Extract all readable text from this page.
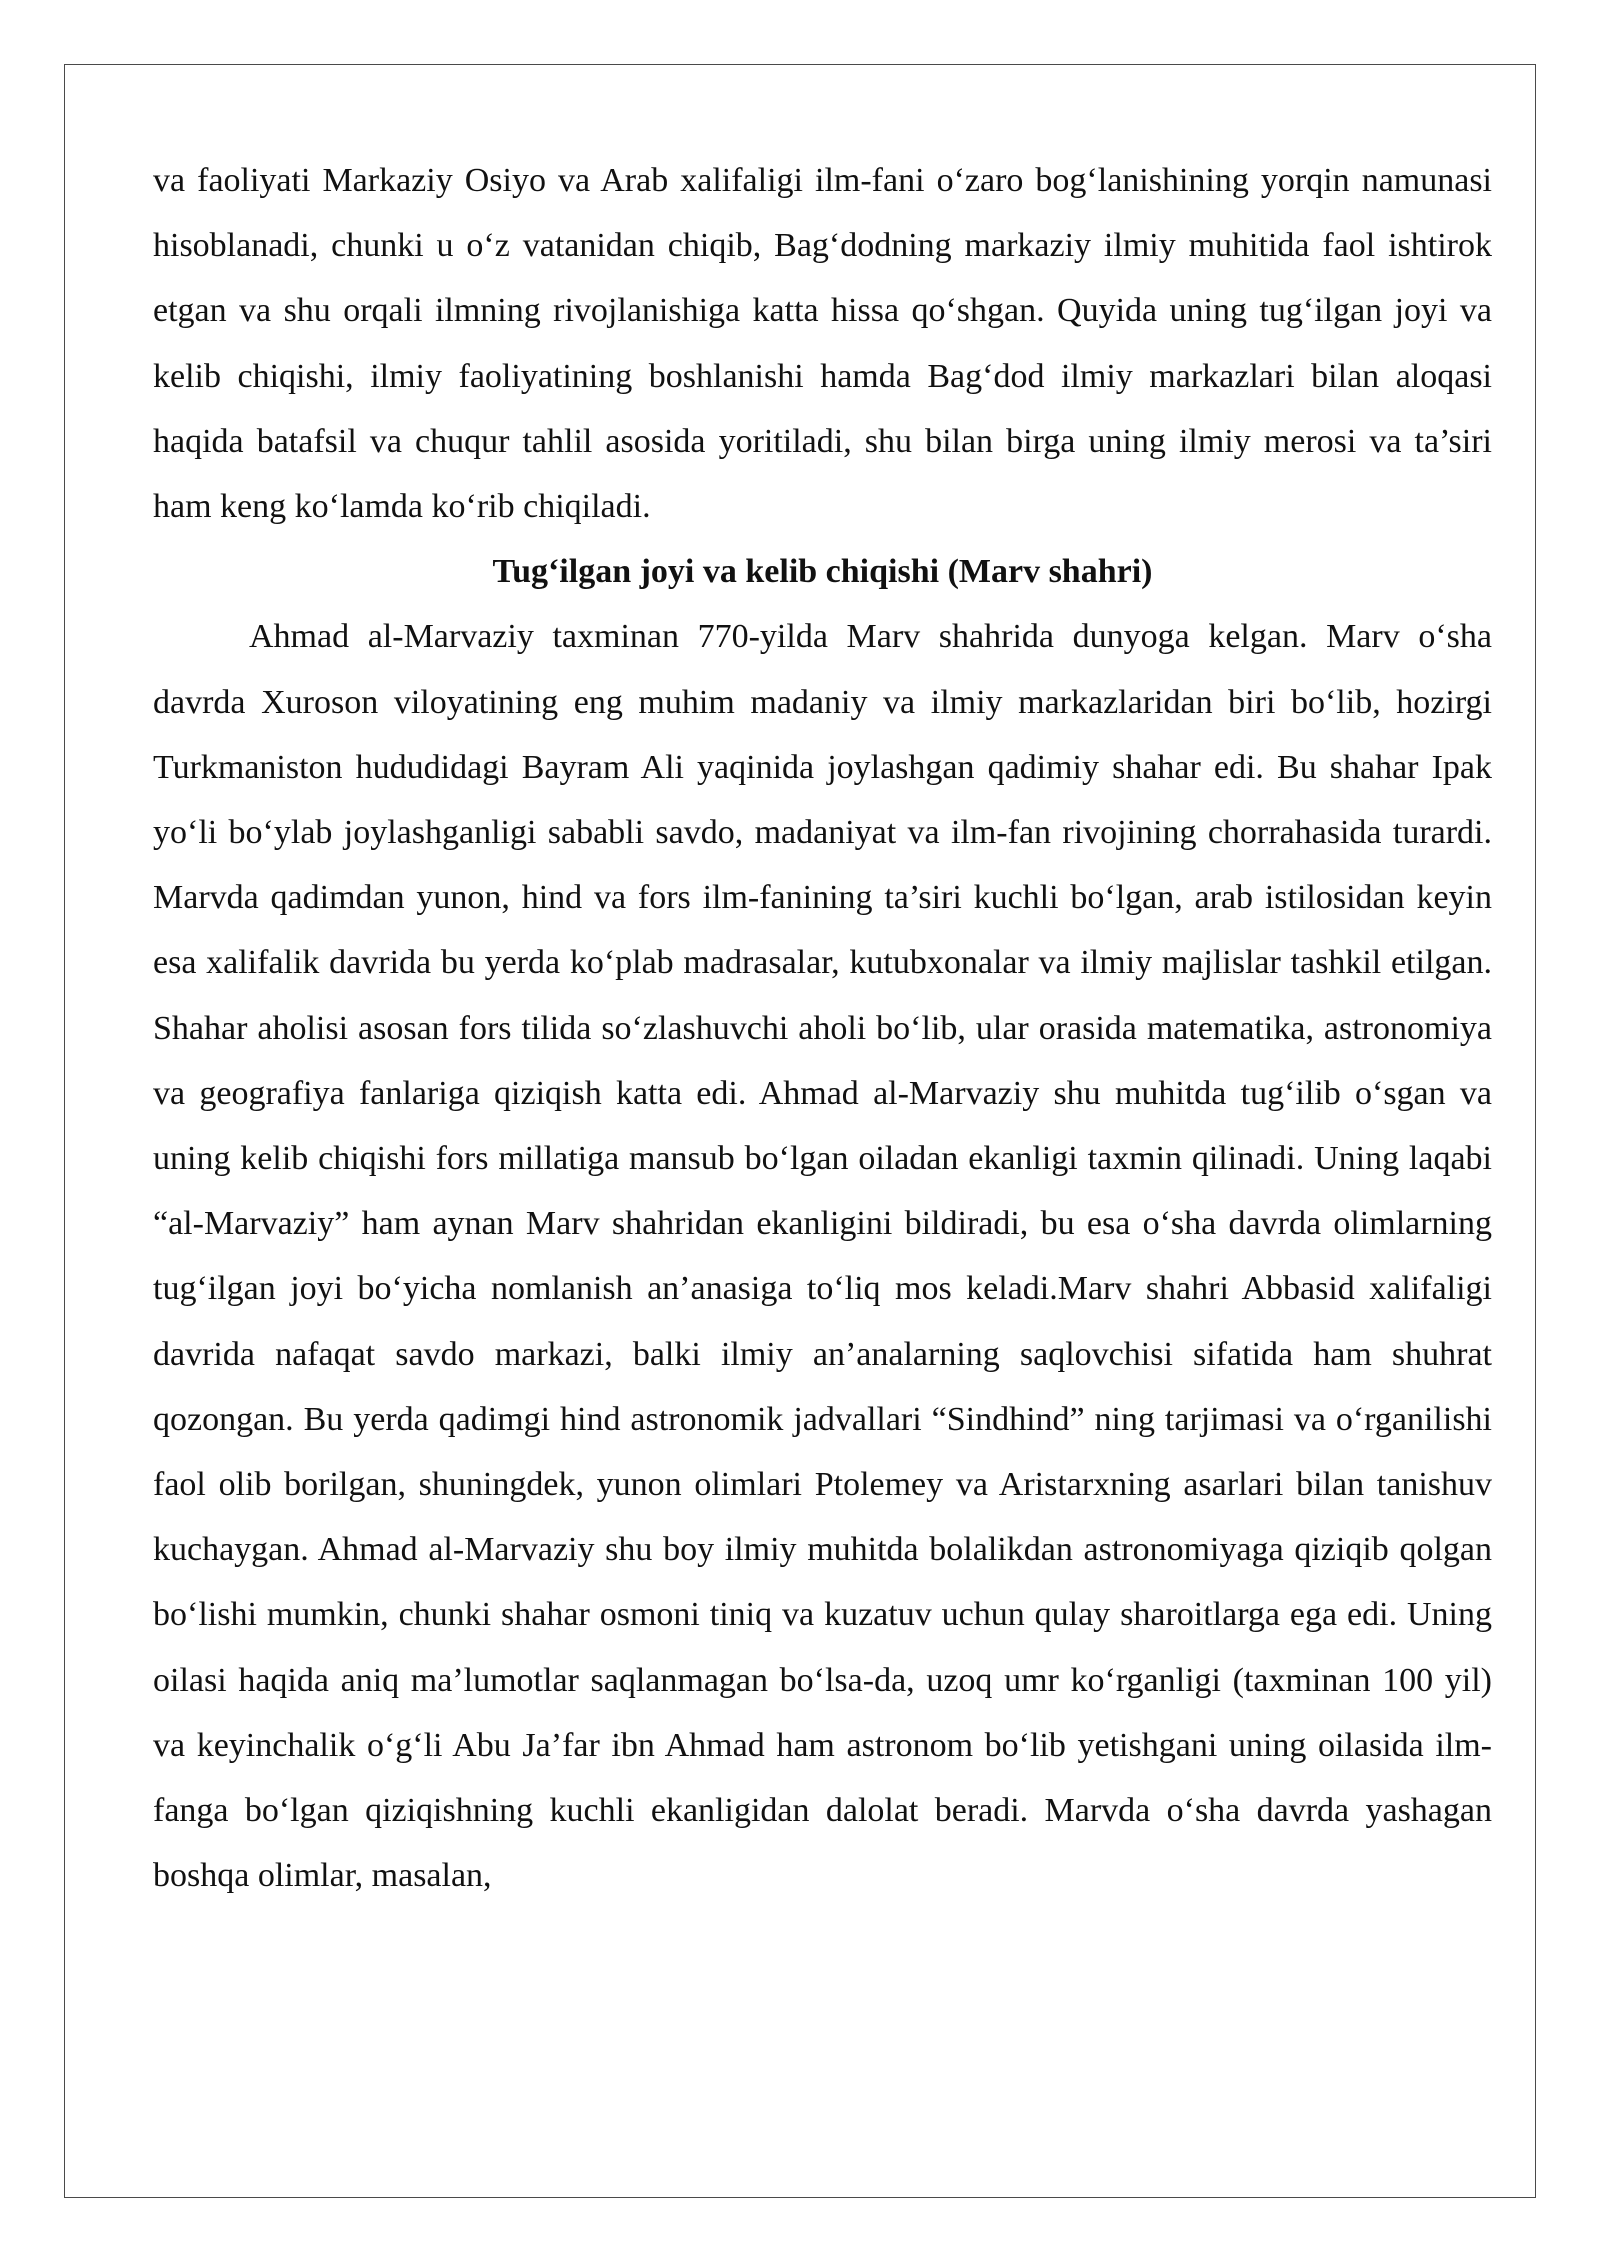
va faoliyati Markaziy Osiyo va Arab xalifaligi ilm-fani o‘zaro bog‘lanishining yorqin namunasi hisoblanadi, chunki u o‘z vatanidan chiqib, Bag‘dodning markaziy ilmiy muhitida faol ishtirok etgan va shu orqali ilmning rivojlanishiga katta hissa qo‘shgan. Quyida uning tug‘ilgan joyi va kelib chiqishi, ilmiy faoliyatining boshlanishi hamda Bag‘dod ilmiy markazlari bilan aloqasi haqida batafsil va chuqur tahlil asosida yoritiladi, shu bilan birga uning ilmiy merosi va ta’siri ham keng ko‘lamda ko‘rib chiqiladi.

Tug‘ilgan joyi va kelib chiqishi (Marv shahri)

Ahmad al-Marvaziy taxminan 770-yilda Marv shahrida dunyoga kelgan. Marv o‘sha davrda Xuroson viloyatining eng muhim madaniy va ilmiy markazlaridan biri bo‘lib, hozirgi Turkmaniston hududidagi Bayram Ali yaqinida joylashgan qadimiy shahar edi. Bu shahar Ipak yo‘li bo‘ylab joylashganligi sababli savdo, madaniyat va ilm-fan rivojining chorrahasida turardi. Marvda qadimdan yunon, hind va fors ilm-fanining ta’siri kuchli bo‘lgan, arab istilosidan keyin esa xalifalik davrida bu yerda ko‘plab madrasalar, kutubxonalar va ilmiy majlislar tashkil etilgan. Shahar aholisi asosan fors tilida so‘zlashuvchi aholi bo‘lib, ular orasida matematika, astronomiya va geografiya fanlariga qiziqish katta edi. Ahmad al-Marvaziy shu muhitda tug‘ilib o‘sgan va uning kelib chiqishi fors millatiga mansub bo‘lgan oiladan ekanligi taxmin qilinadi. Uning laqabi “al-Marvaziy” ham aynan Marv shahridan ekanligini bildiradi, bu esa o‘sha davrda olimlarning tug‘ilgan joyi bo‘yicha nomlanish an’anasiga to‘liq mos keladi.Marv shahri Abbasid xalifaligi davrida nafaqat savdo markazi, balki ilmiy an’analarning saqlovchisi sifatida ham shuhrat qozongan. Bu yerda qadimgi hind astronomik jadvallari “Sindhind” ning tarjimasi va o‘rganilishi faol olib borilgan, shuningdek, yunon olimlari Ptolemey va Aristarxning asarlari bilan tanishuv kuchaygan. Ahmad al-Marvaziy shu boy ilmiy muhitda bolalikdan astronomiyaga qiziqib qolgan bo‘lishi mumkin, chunki shahar osmoni tiniq va kuzatuv uchun qulay sharoitlarga ega edi. Uning oilasi haqida aniq ma’lumotlar saqlanmagan bo‘lsa-da, uzoq umr ko‘rganligi (taxminan 100 yil) va keyinchalik o‘g‘li Abu Ja’far ibn Ahmad ham astronom bo‘lib yetishgani uning oilasida ilm-fanga bo‘lgan qiziqishning kuchli ekanligidan dalolat beradi. Marvda o‘sha davrda yashagan boshqa olimlar, masalan,
